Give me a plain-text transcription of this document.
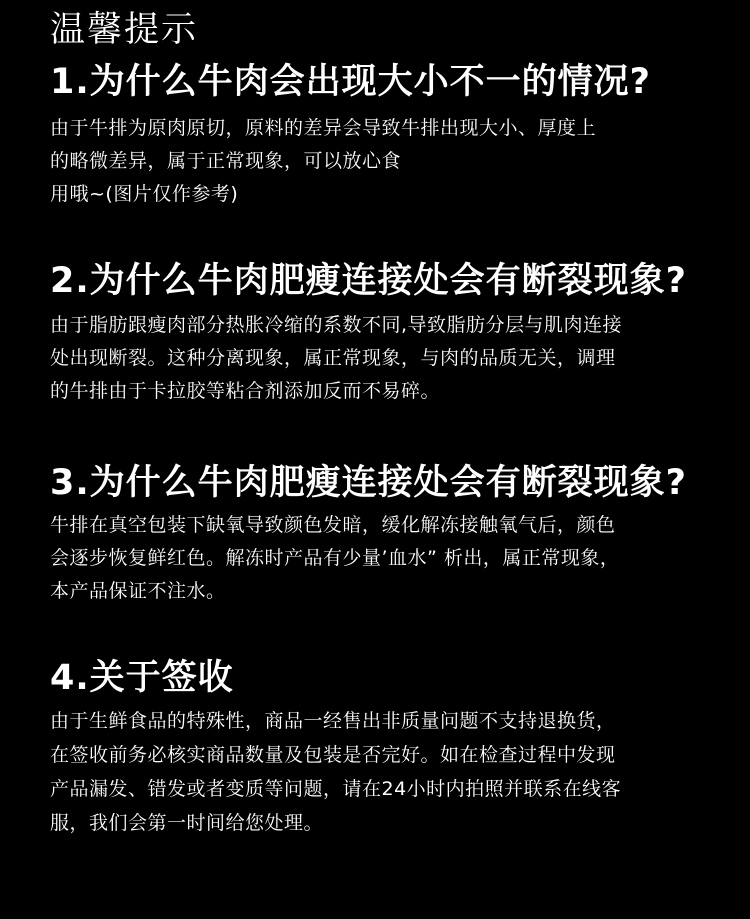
温馨提示
1.为什么牛肉会出现大小不一的情况?

由于牛排为原肉原切，原料的差异会导致牛排出现大小、厚度上
的略微差异，属于正常现象，可以放心食
用哦~(图片仅作参考)

2.为什么牛肉肥瘦连接处会有断裂现象?

由于脂肪跟瘦肉部分热胀冷缩的系数不同,导致脂肪分层与肌肉连接
处出现断裂。这种分离现象，属正常现象，与肉的品质无关，调理
的牛排由于卡拉胶等粘合剂添加反而不易碎。

3.为什么牛肉肥瘦连接处会有断裂现象?

牛排在真空包装下缺氧导致颜色发暗，缓化解冻接触氧气后，颜色
会逐步恢复鲜红色。解冻时产品有少量’血水” 析出，属正常现象，
本产品保证不注水。

4.关于签收

由于生鲜食品的特殊性，商品一经售出非质量问题不支持退换货，
在签收前务必核实商品数量及包装是否完好。如在检查过程中发现
产品漏发、错发或者变质等问题，请在24小时内拍照并联系在线客
服，我们会第一时间给您处理。
